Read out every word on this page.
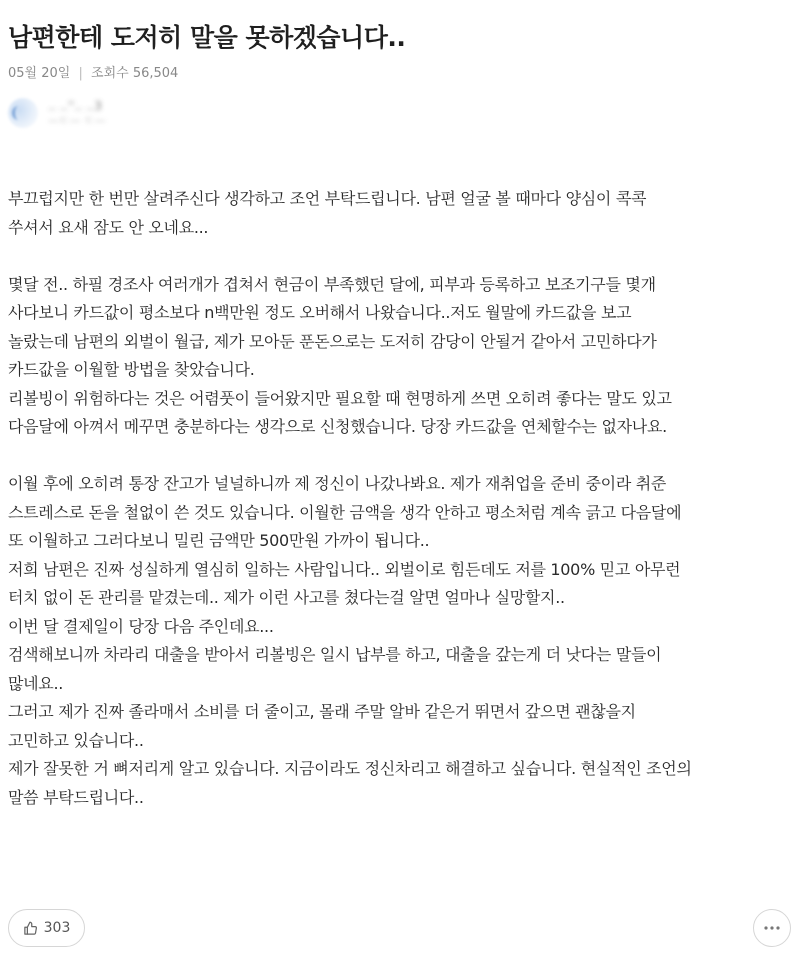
남편한테 도저히 말을 못하겠습니다..
05월 20일 | 조회수 56,504
‥ ‥''‥ ‥3
—ㄷ— ㄷ—

부끄럽지만 한 번만 살려주신다 생각하고 조언 부탁드립니다. 남편 얼굴 볼 때마다 양심이 콕콕

쑤셔서 요새 잠도 안 오네요...

몇달 전.. 하필 경조사 여러개가 겹쳐서 현금이 부족했던 달에, 피부과 등록하고 보조기구들 몇개

사다보니 카드값이 평소보다 n백만원 정도 오버해서 나왔습니다..저도 월말에 카드값을 보고

놀랐는데 남편의 외벌이 월급, 제가 모아둔 푼돈으로는 도저히 감당이 안될거 같아서 고민하다가

카드값을 이월할 방법을 찾았습니다.

리볼빙이 위험하다는 것은 어렴풋이 들어왔지만 필요할 때 현명하게 쓰면 오히려 좋다는 말도 있고

다음달에 아껴서 메꾸면 충분하다는 생각으로 신청했습니다. 당장 카드값을 연체할수는 없자나요.

이월 후에 오히려 통장 잔고가 널널하니까 제 정신이 나갔나봐요. 제가 재취업을 준비 중이라 취준

스트레스로 돈을 철없이 쓴 것도 있습니다. 이월한 금액을 생각 안하고 평소처럼 계속 긁고 다음달에

또 이월하고 그러다보니 밀린 금액만 500만원 가까이 됩니다..

저희 남편은 진짜 성실하게 열심히 일하는 사람입니다.. 외벌이로 힘든데도 저를 100% 믿고 아무런

터치 없이 돈 관리를 맡겼는데.. 제가 이런 사고를 쳤다는걸 알면 얼마나 실망할지..

이번 달 결제일이 당장 다음 주인데요...

검색해보니까 차라리 대출을 받아서 리볼빙은 일시 납부를 하고, 대출을 갚는게 더 낫다는 말들이

많네요..

그러고 제가 진짜 졸라매서 소비를 더 줄이고, 몰래 주말 알바 같은거 뛰면서 갚으면 괜찮을지

고민하고 있습니다..

제가 잘못한 거 뼈저리게 알고 있습니다. 지금이라도 정신차리고 해결하고 싶습니다. 현실적인 조언의

말씀 부탁드립니다..

303
